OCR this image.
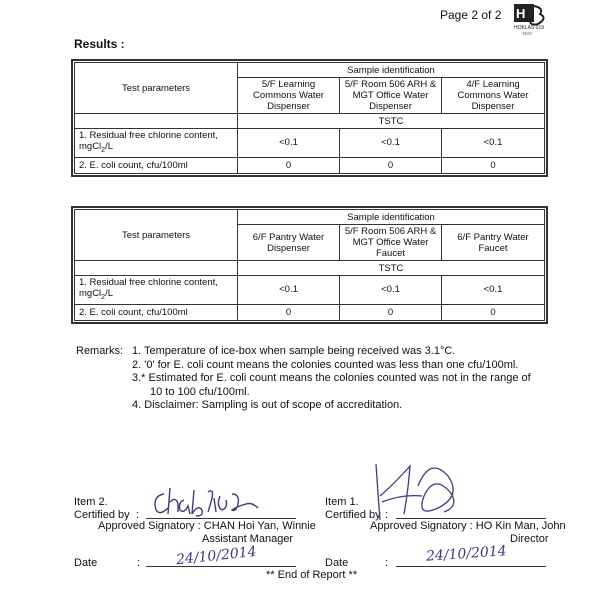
Page 2 of 2 H
HOKLAS 019
TEST
Results :
Test parameters	Sample identification		
	5/F Learning Commons Water Dispenser	5/F Room 506 ARH & MGT Office Water Dispenser	4/F Learning Commons Water Dispenser
	TSTC		
1. Residual free chlorine content,
mgCl$_2$/L	<0.1	<0.1	<0.1
2. E. coli count, cfu/100ml	0	0	0
Test parameters	Sample identification		
	6/F Pantry Water Dispenser	5/F Room 506 ARH & MGT Office Water Faucet	6/F Pantry Water Faucet
	TSTC		
1. Residual free chlorine content,
mgCl$_2$/L	<0.1	<0.1	<0.1
2. E. coli count, cfu/100ml	0	0	0
Remarks: 1. Temperature of ice-box when sample being received was 3.1°C.
2. '0' for E. coli count means the colonies counted was less than one cfu/100ml.
3.* Estimated for E. coli count means the colonies counted was not in the range of
10 to 100 cfu/100ml.
4. Disclaimer: Sampling is out of scope of accreditation.
Item 2.
Certified by :
Approved Signatory : CHAN Hoi Yan, Winnie
Assistant Manager
Date	:	24/10/2014
Item 1.
Certified by :
Approved Signatory : HO Kin Man, John
Director
Date	:	24/10/2014
** End of Report **
